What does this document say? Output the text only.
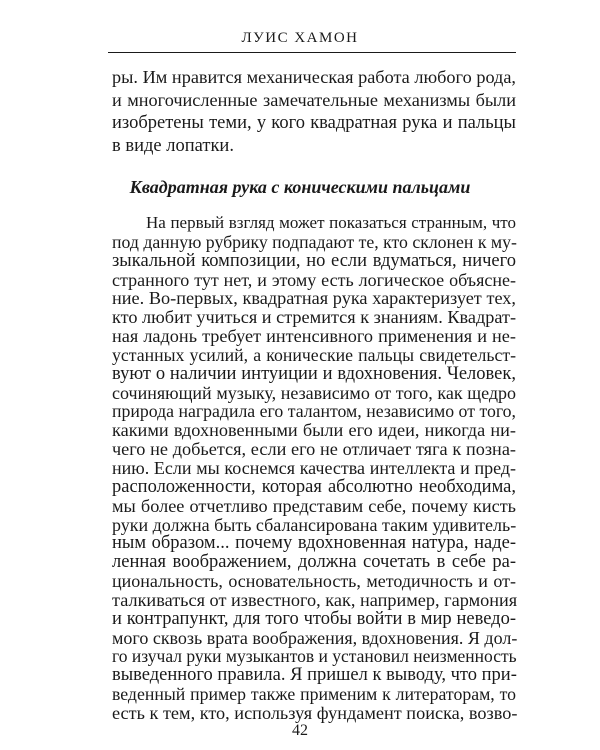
ЛУИС ХАМОН
ры. Им нравится механическая работа любого рода,
и многочисленные замечательные механизмы были
изобретены теми, у кого квадратная рука и пальцы
в виде лопатки.
Квадратная рука с коническими пальцами
На первый взгляд может показаться странным, что
под данную рубрику подпадают те, кто склонен к му-
зыкальной композиции, но если вдуматься, ничего
странного тут нет, и этому есть логическое объясне-
ние. Во-первых, квадратная рука характеризует тех,
кто любит учиться и стремится к знаниям. Квадрат-
ная ладонь требует интенсивного применения и не-
устанных усилий, а конические пальцы свидетельст-
вуют о наличии интуиции и вдохновения. Человек,
сочиняющий музыку, независимо от того, как щедро
природа наградила его талантом, независимо от того,
какими вдохновенными были его идеи, никогда ни-
чего не добьется, если его не отличает тяга к позна-
нию. Если мы коснемся качества интеллекта и пред-
расположенности, которая абсолютно необходима,
мы более отчетливо представим себе, почему кисть
руки должна быть сбалансирована таким удивитель-
ным образом... почему вдохновенная натура, наде-
ленная воображением, должна сочетать в себе ра-
циональность, основательность, методичность и от-
талкиваться от известного, как, например, гармония
и контрапункт, для того чтобы войти в мир неведо-
мого сквозь врата воображения, вдохновения. Я дол-
го изучал руки музыкантов и установил неизменность
выведенного правила. Я пришел к выводу, что при-
веденный пример также применим к литераторам, то
есть к тем, кто, используя фундамент поиска, возво-
42
